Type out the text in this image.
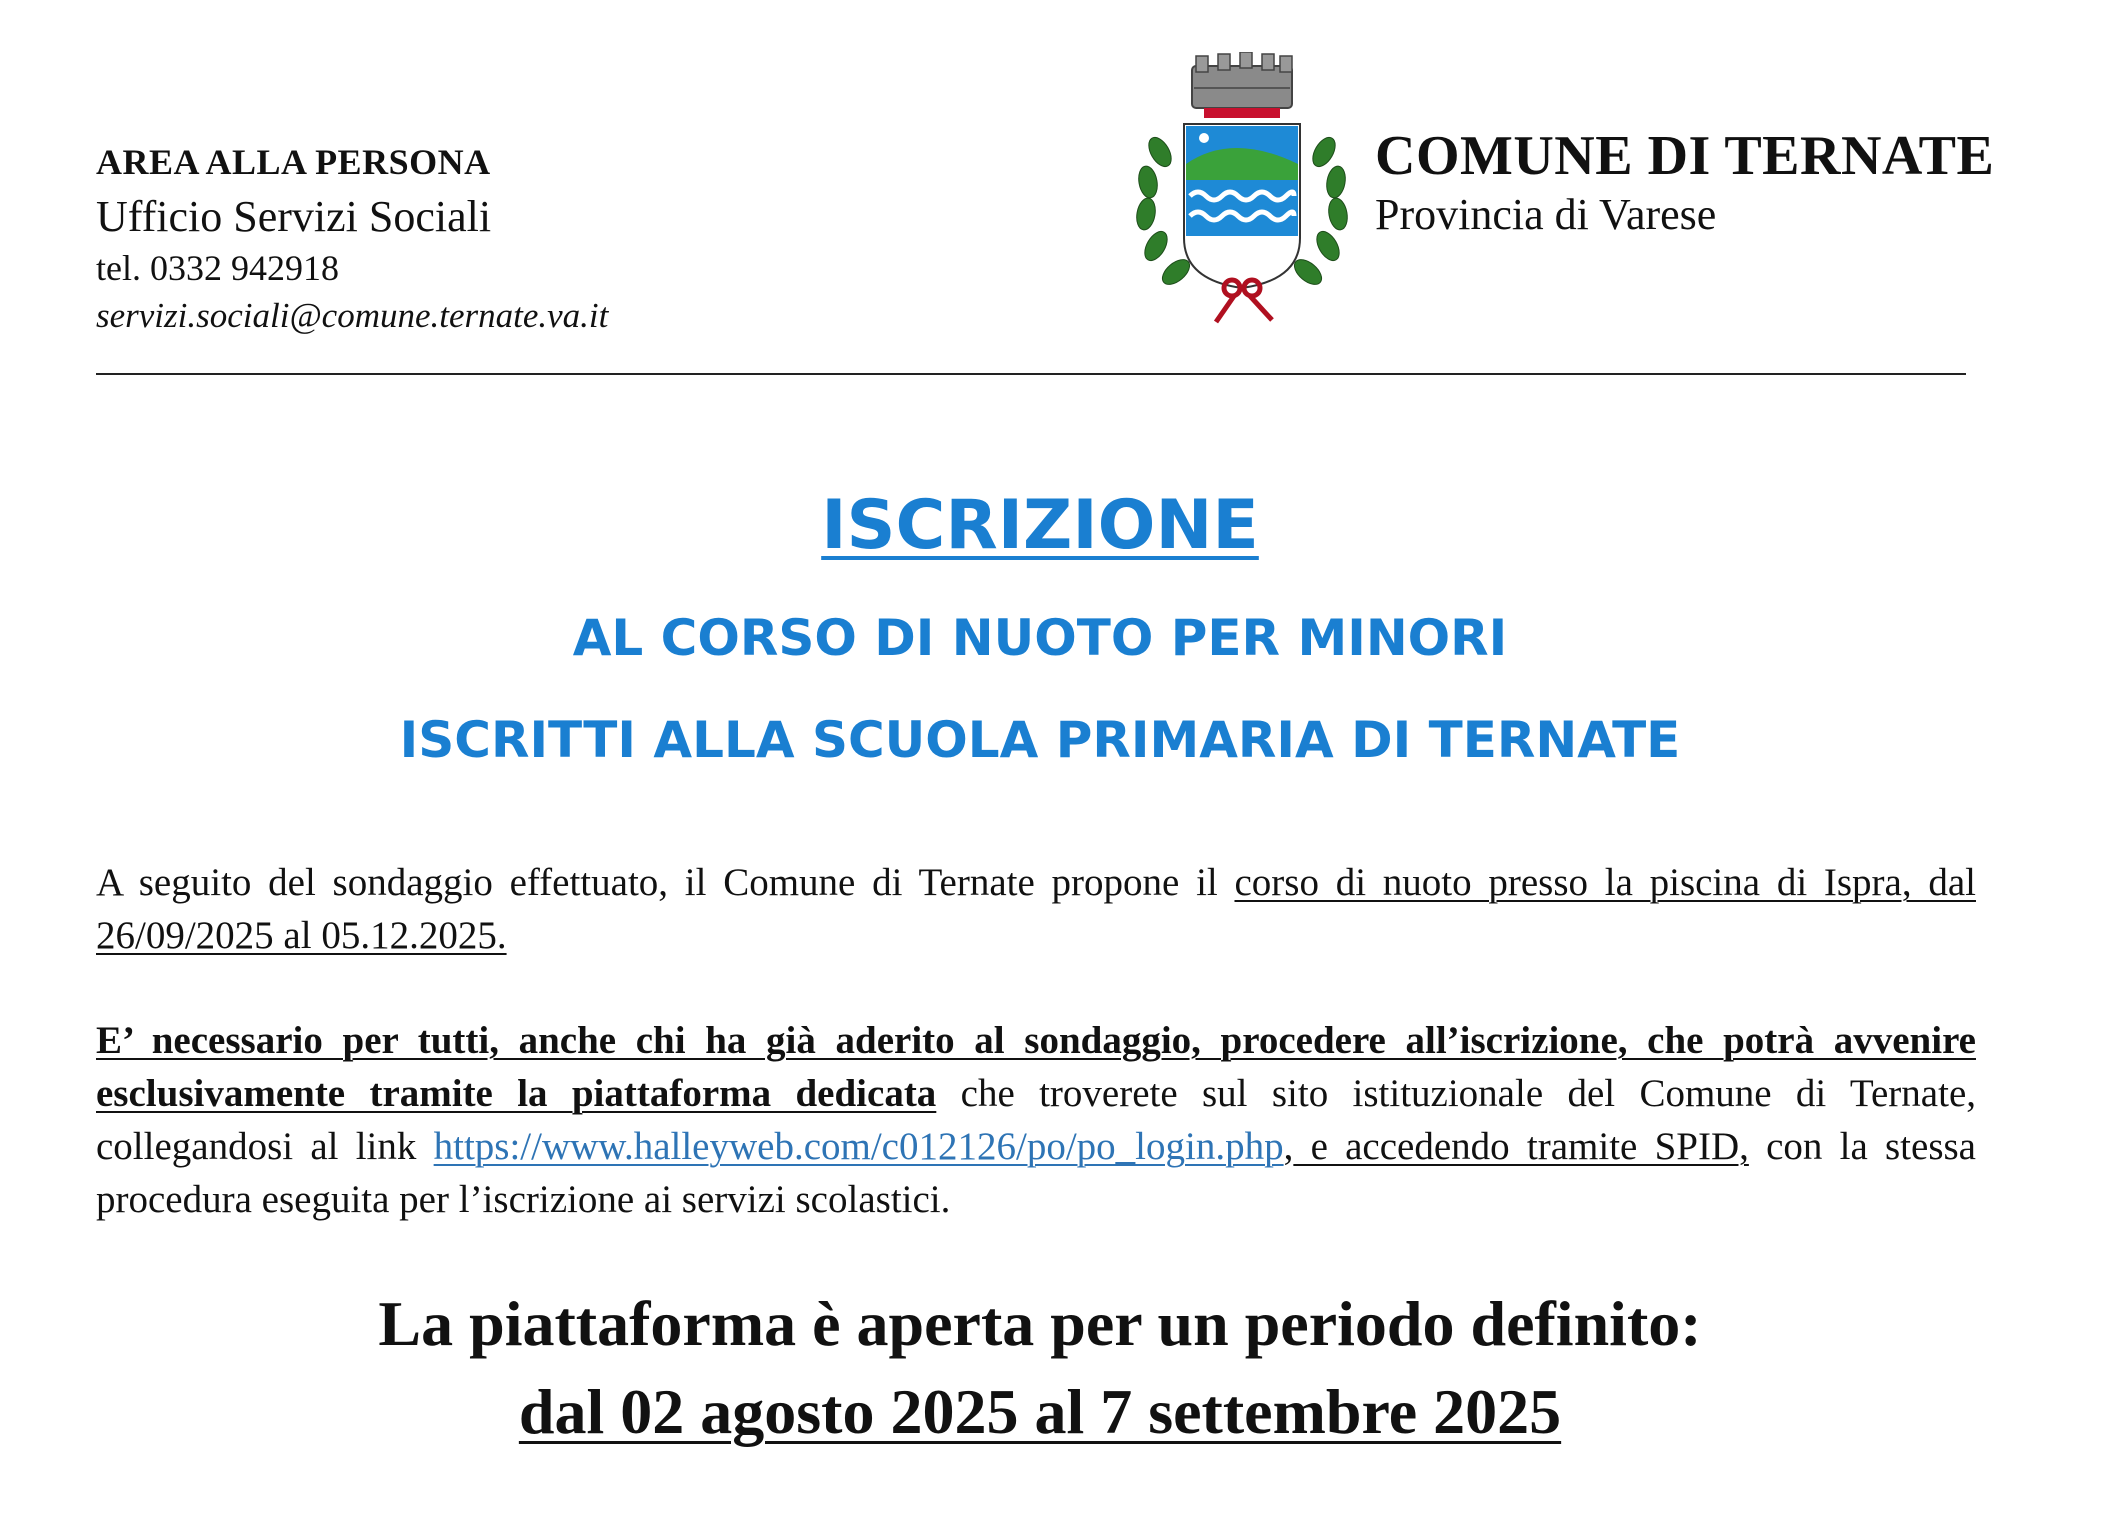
AREA ALLA PERSONA
Ufficio Servizi Sociali
tel. 0332 942918
servizi.sociali@comune.ternate.va.it
COMUNE DI TERNATE
Provincia di Varese
ISCRIZIONE
AL CORSO DI NUOTO PER MINORI
ISCRITTI ALLA SCUOLA PRIMARIA DI TERNATE
A seguito del sondaggio effettuato, il Comune di Ternate propone il corso di nuoto presso la piscina di Ispra, dal 26/09/2025 al 05.12.2025.
E’ necessario per tutti, anche chi ha già aderito al sondaggio, procedere all’iscrizione, che potrà avvenire esclusivamente tramite la piattaforma dedicata che troverete sul sito istituzionale del Comune di Ternate, collegandosi al link https://www.halleyweb.com/c012126/po/po_login.php, e accedendo tramite SPID, con la stessa procedura eseguita per l’iscrizione ai servizi scolastici.
La piattaforma è aperta per un periodo definito:
dal 02 agosto 2025 al 7 settembre 2025
